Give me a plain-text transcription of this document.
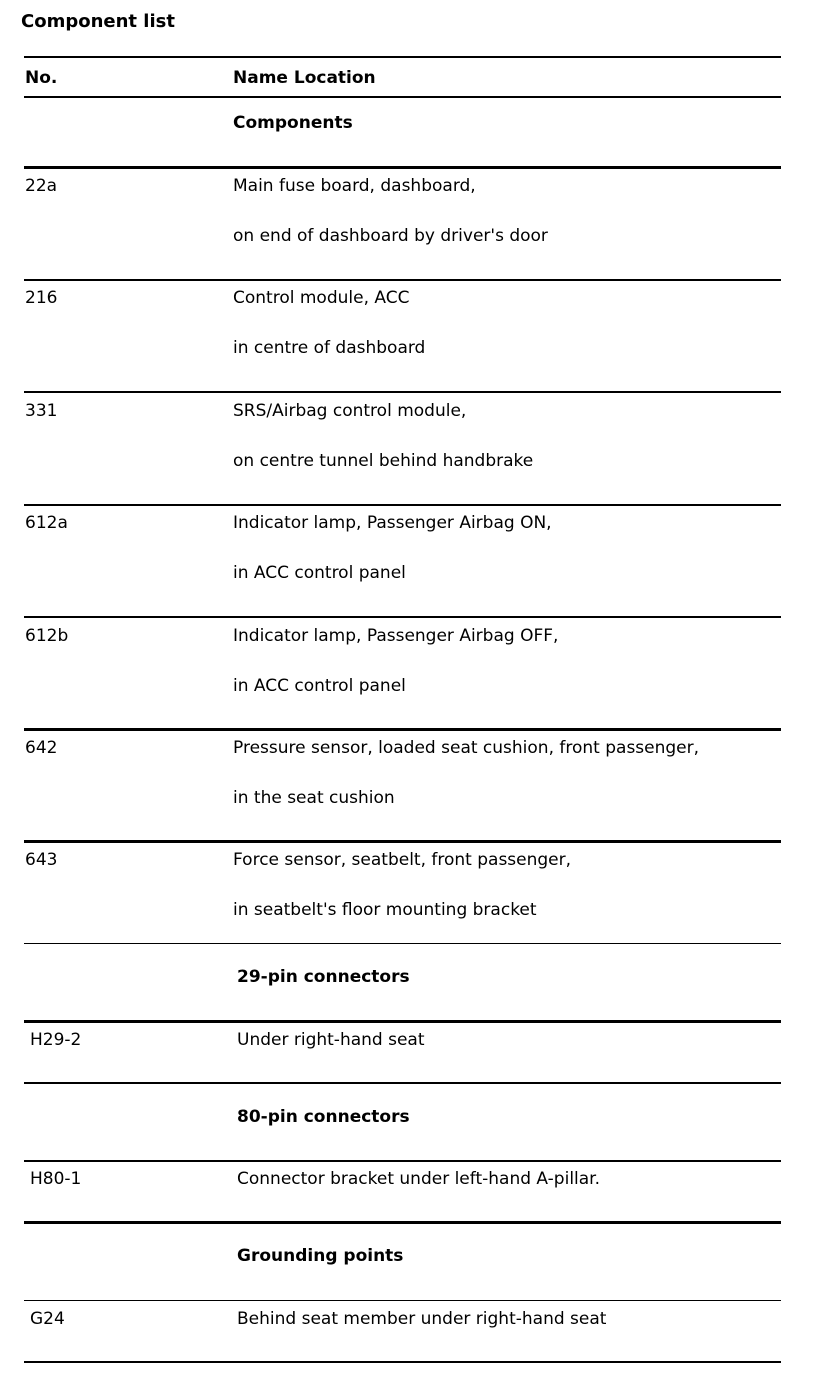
Component list
No.	Name Location
Components
22a	Main fuse board, dashboard,
on end of dashboard by driver's door
216	Control module, ACC
in centre of dashboard
331	SRS/Airbag control module,
on centre tunnel behind handbrake
612a	Indicator lamp, Passenger Airbag ON,
in ACC control panel
612b	Indicator lamp, Passenger Airbag OFF,
in ACC control panel
642	Pressure sensor, loaded seat cushion, front passenger,
in the seat cushion
643	Force sensor, seatbelt, front passenger,
in seatbelt's floor mounting bracket
29-pin connectors
H29-2	Under right-hand seat
80-pin connectors
H80-1	Connector bracket under left-hand A-pillar.
Grounding points
G24	Behind seat member under right-hand seat
